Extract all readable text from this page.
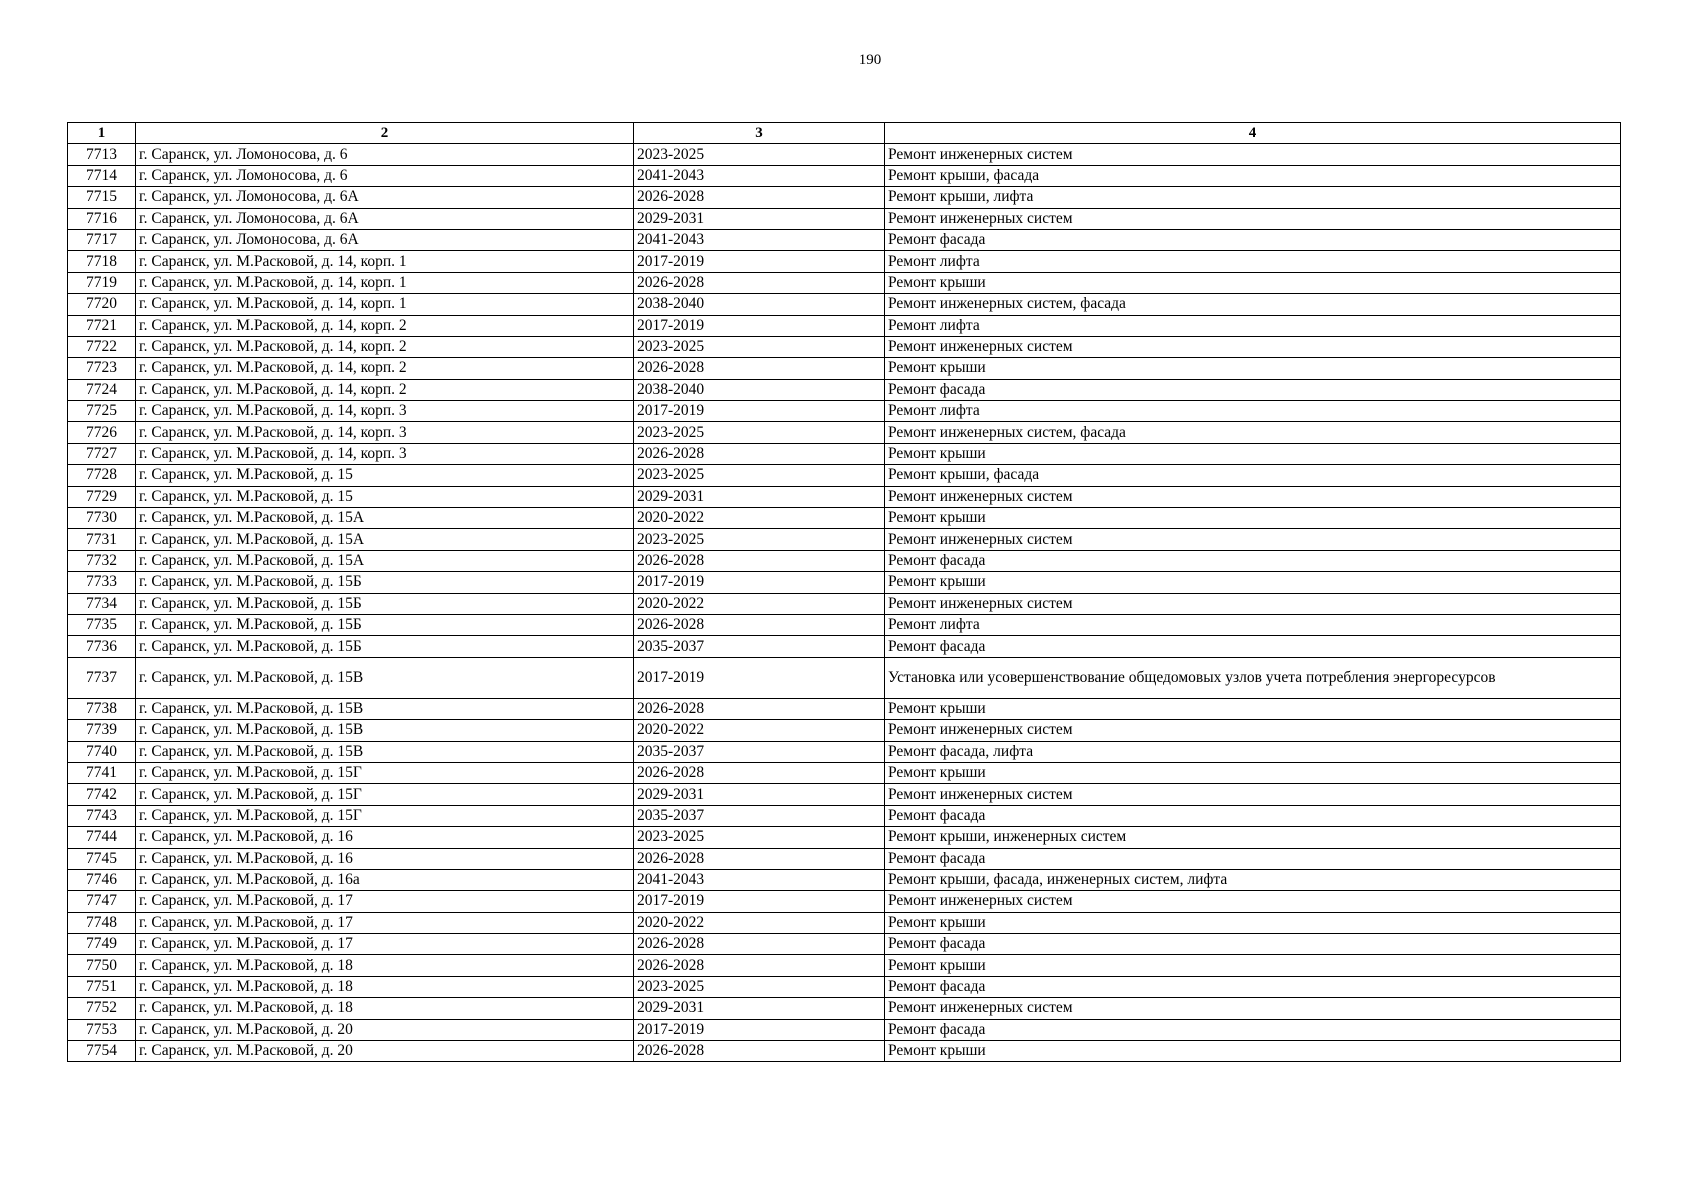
190
1	2	3	4
7713	г. Саранск, ул. Ломоносова, д. 6	2023-2025	Ремонт инженерных систем
7714	г. Саранск, ул. Ломоносова, д. 6	2041-2043	Ремонт крыши, фасада
7715	г. Саранск, ул. Ломоносова, д. 6А	2026-2028	Ремонт крыши, лифта
7716	г. Саранск, ул. Ломоносова, д. 6А	2029-2031	Ремонт инженерных систем
7717	г. Саранск, ул. Ломоносова, д. 6А	2041-2043	Ремонт фасада
7718	г. Саранск, ул. М.Расковой, д. 14, корп. 1	2017-2019	Ремонт лифта
7719	г. Саранск, ул. М.Расковой, д. 14, корп. 1	2026-2028	Ремонт крыши
7720	г. Саранск, ул. М.Расковой, д. 14, корп. 1	2038-2040	Ремонт инженерных систем, фасада
7721	г. Саранск, ул. М.Расковой, д. 14, корп. 2	2017-2019	Ремонт лифта
7722	г. Саранск, ул. М.Расковой, д. 14, корп. 2	2023-2025	Ремонт инженерных систем
7723	г. Саранск, ул. М.Расковой, д. 14, корп. 2	2026-2028	Ремонт крыши
7724	г. Саранск, ул. М.Расковой, д. 14, корп. 2	2038-2040	Ремонт фасада
7725	г. Саранск, ул. М.Расковой, д. 14, корп. 3	2017-2019	Ремонт лифта
7726	г. Саранск, ул. М.Расковой, д. 14, корп. 3	2023-2025	Ремонт инженерных систем, фасада
7727	г. Саранск, ул. М.Расковой, д. 14, корп. 3	2026-2028	Ремонт крыши
7728	г. Саранск, ул. М.Расковой, д. 15	2023-2025	Ремонт крыши, фасада
7729	г. Саранск, ул. М.Расковой, д. 15	2029-2031	Ремонт инженерных систем
7730	г. Саранск, ул. М.Расковой, д. 15А	2020-2022	Ремонт крыши
7731	г. Саранск, ул. М.Расковой, д. 15А	2023-2025	Ремонт инженерных систем
7732	г. Саранск, ул. М.Расковой, д. 15А	2026-2028	Ремонт фасада
7733	г. Саранск, ул. М.Расковой, д. 15Б	2017-2019	Ремонт крыши
7734	г. Саранск, ул. М.Расковой, д. 15Б	2020-2022	Ремонт инженерных систем
7735	г. Саранск, ул. М.Расковой, д. 15Б	2026-2028	Ремонт лифта
7736	г. Саранск, ул. М.Расковой, д. 15Б	2035-2037	Ремонт фасада
7737	г. Саранск, ул. М.Расковой, д. 15В	2017-2019	Установка или усовершенствование общедомовых узлов учета потребления энергоресурсов
7738	г. Саранск, ул. М.Расковой, д. 15В	2026-2028	Ремонт крыши
7739	г. Саранск, ул. М.Расковой, д. 15В	2020-2022	Ремонт инженерных систем
7740	г. Саранск, ул. М.Расковой, д. 15В	2035-2037	Ремонт фасада, лифта
7741	г. Саранск, ул. М.Расковой, д. 15Г	2026-2028	Ремонт крыши
7742	г. Саранск, ул. М.Расковой, д. 15Г	2029-2031	Ремонт инженерных систем
7743	г. Саранск, ул. М.Расковой, д. 15Г	2035-2037	Ремонт фасада
7744	г. Саранск, ул. М.Расковой, д. 16	2023-2025	Ремонт крыши, инженерных систем
7745	г. Саранск, ул. М.Расковой, д. 16	2026-2028	Ремонт фасада
7746	г. Саранск, ул. М.Расковой, д. 16а	2041-2043	Ремонт крыши, фасада, инженерных систем, лифта
7747	г. Саранск, ул. М.Расковой, д. 17	2017-2019	Ремонт инженерных систем
7748	г. Саранск, ул. М.Расковой, д. 17	2020-2022	Ремонт крыши
7749	г. Саранск, ул. М.Расковой, д. 17	2026-2028	Ремонт фасада
7750	г. Саранск, ул. М.Расковой, д. 18	2026-2028	Ремонт крыши
7751	г. Саранск, ул. М.Расковой, д. 18	2023-2025	Ремонт фасада
7752	г. Саранск, ул. М.Расковой, д. 18	2029-2031	Ремонт инженерных систем
7753	г. Саранск, ул. М.Расковой, д. 20	2017-2019	Ремонт фасада
7754	г. Саранск, ул. М.Расковой, д. 20	2026-2028	Ремонт крыши
